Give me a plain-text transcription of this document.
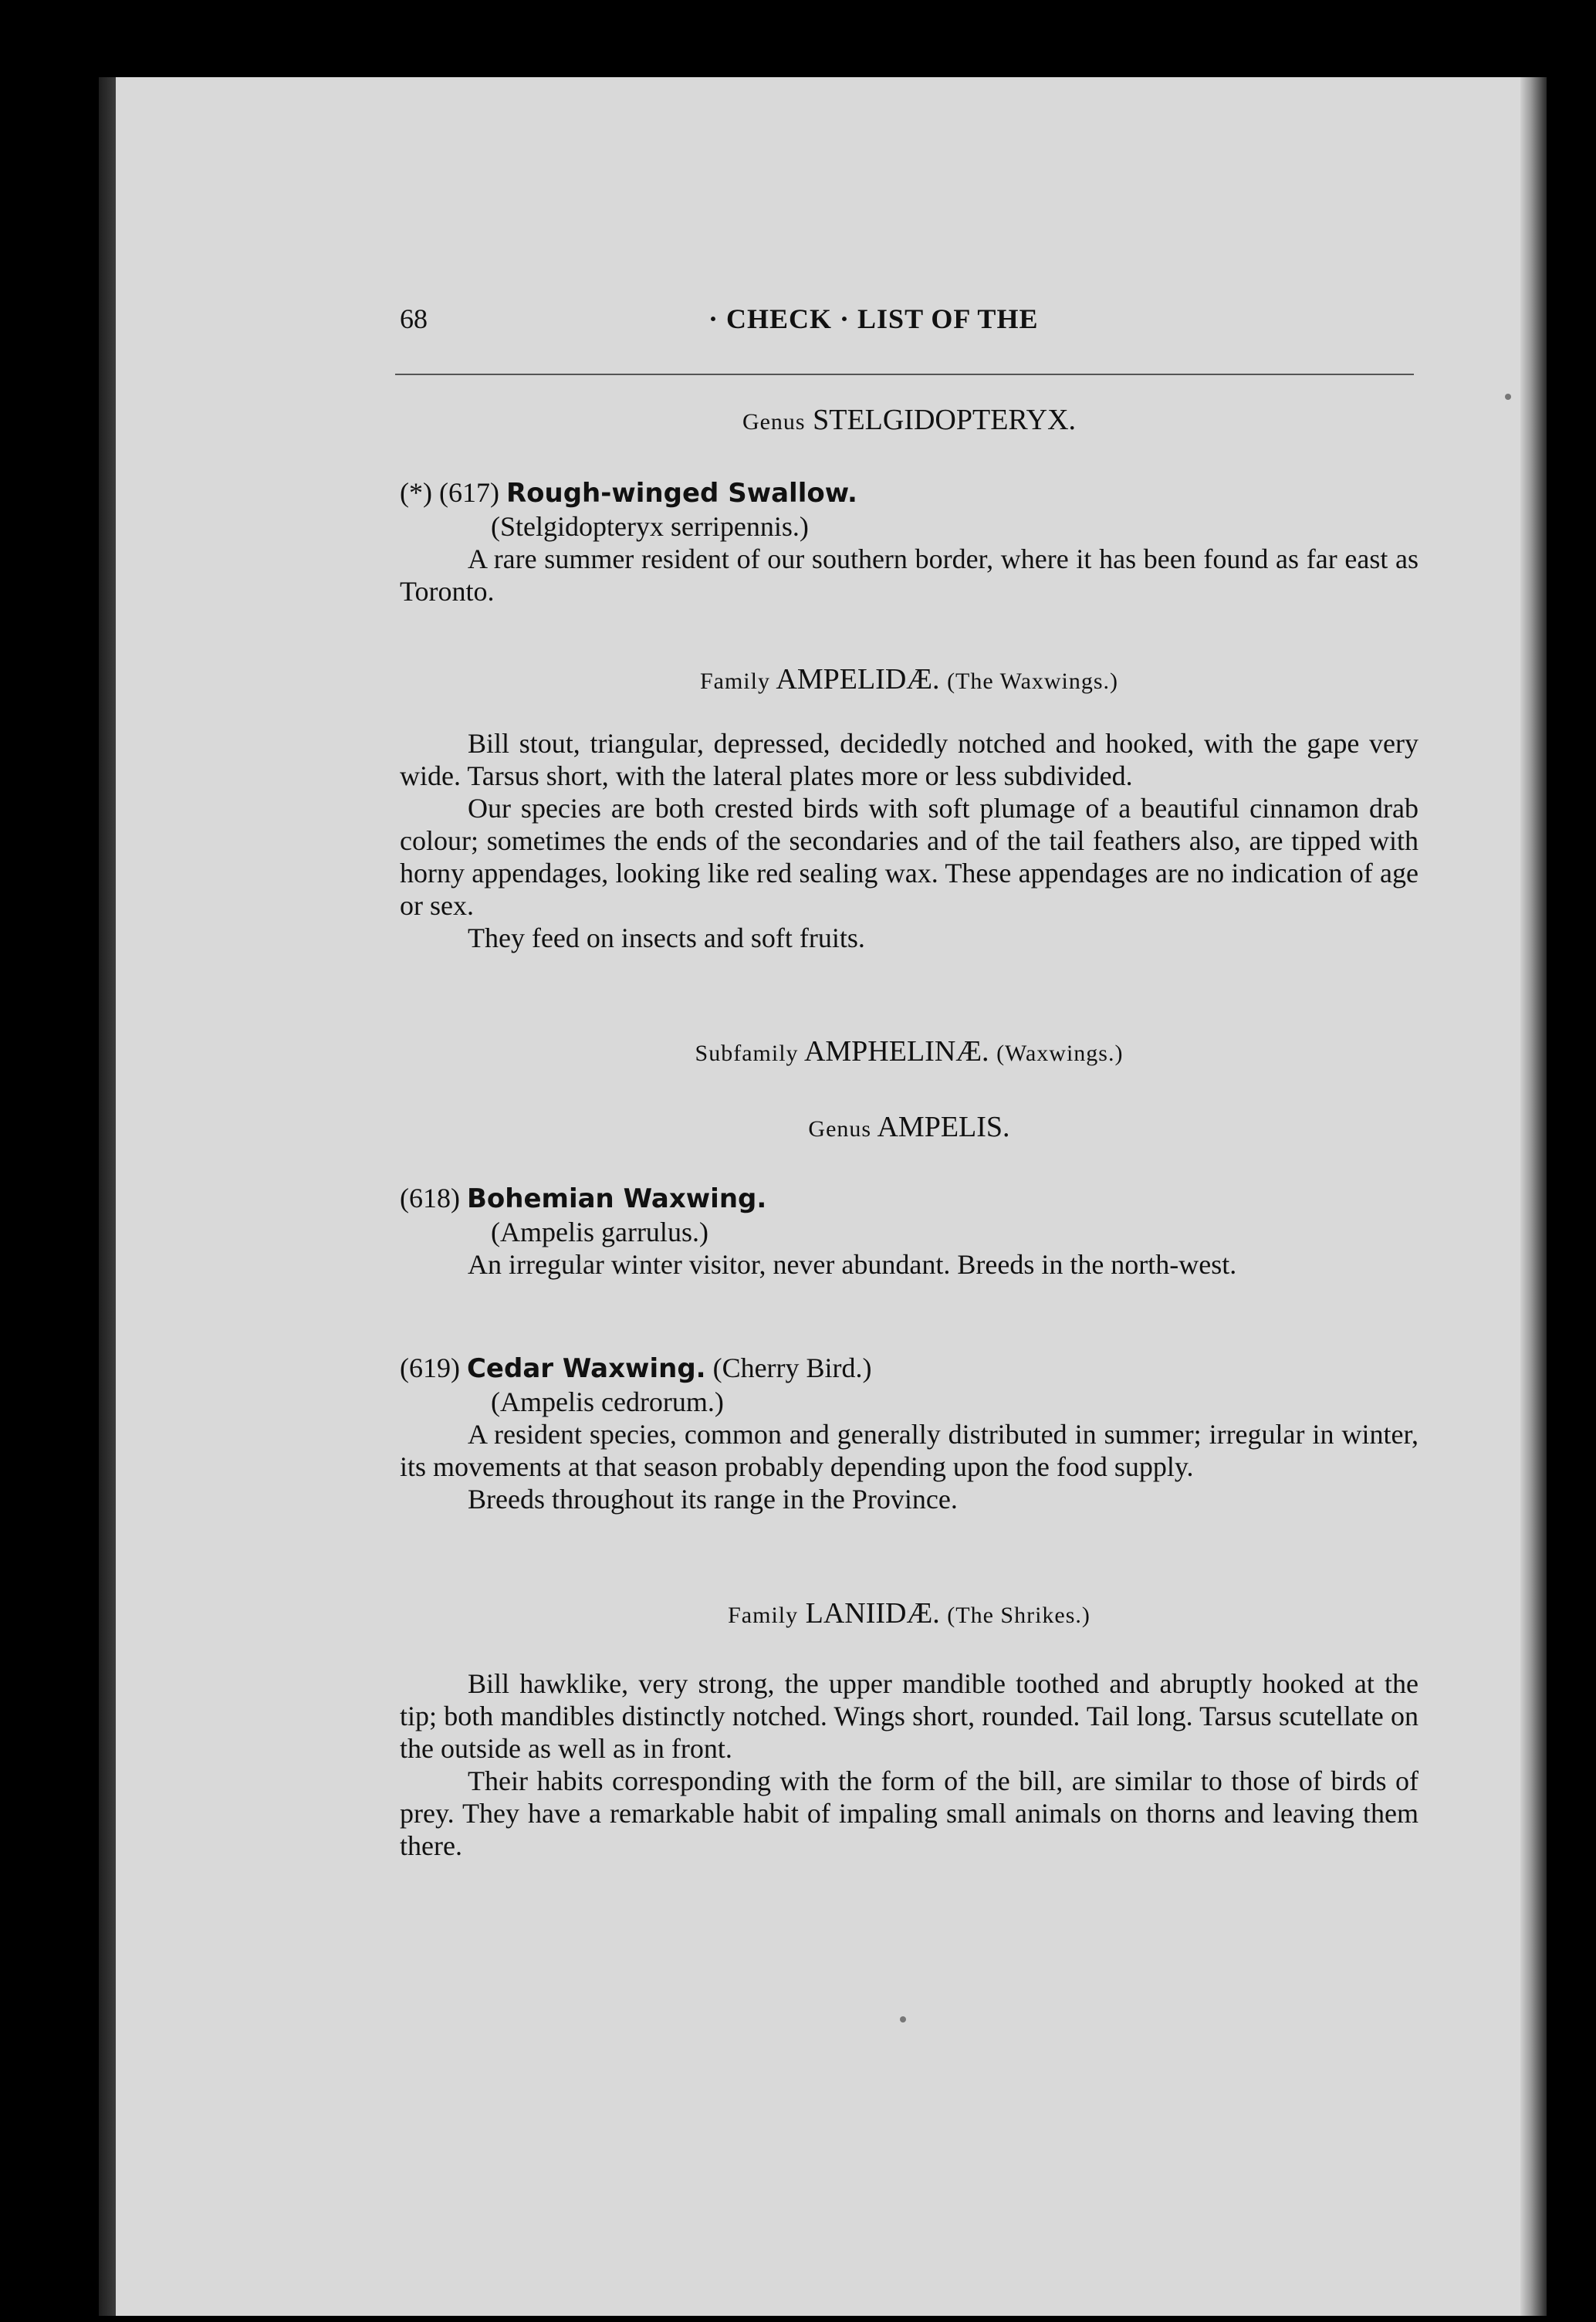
68	· CHECK · LIST OF THE
Genus STELGIDOPTERYX.

(*) (617) Rough-winged Swallow.

(Stelgidopteryx serripennis.)

A rare summer resident of our southern border, where it has been found as far east as Toronto.

Family AMPELIDÆ. (The Waxwings.)

Bill stout, triangular, depressed, decidedly notched and hooked, with the gape very wide. Tarsus short, with the lateral plates more or less subdivided.

Our species are both crested birds with soft plumage of a beautiful cinnamon drab colour; sometimes the ends of the secondaries and of the tail feathers also, are tipped with horny appendages, looking like red sealing wax. These appendages are no indication of age or sex.

They feed on insects and soft fruits.

Subfamily AMPHELINÆ. (Waxwings.)
Genus AMPELIS.

(618) Bohemian Waxwing.

(Ampelis garrulus.)

An irregular winter visitor, never abundant. Breeds in the north-west.

(619) Cedar Waxwing. (Cherry Bird.)

(Ampelis cedrorum.)

A resident species, common and generally distributed in summer; irregular in winter, its movements at that season probably depending upon the food supply.

Breeds throughout its range in the Province.

Family LANIIDÆ. (The Shrikes.)

Bill hawklike, very strong, the upper mandible toothed and abruptly hooked at the tip; both mandibles distinctly notched. Wings short, rounded. Tail long. Tarsus scutellate on the outside as well as in front.

Their habits corresponding with the form of the bill, are similar to those of birds of prey. They have a remarkable habit of impaling small animals on thorns and leaving them there.
